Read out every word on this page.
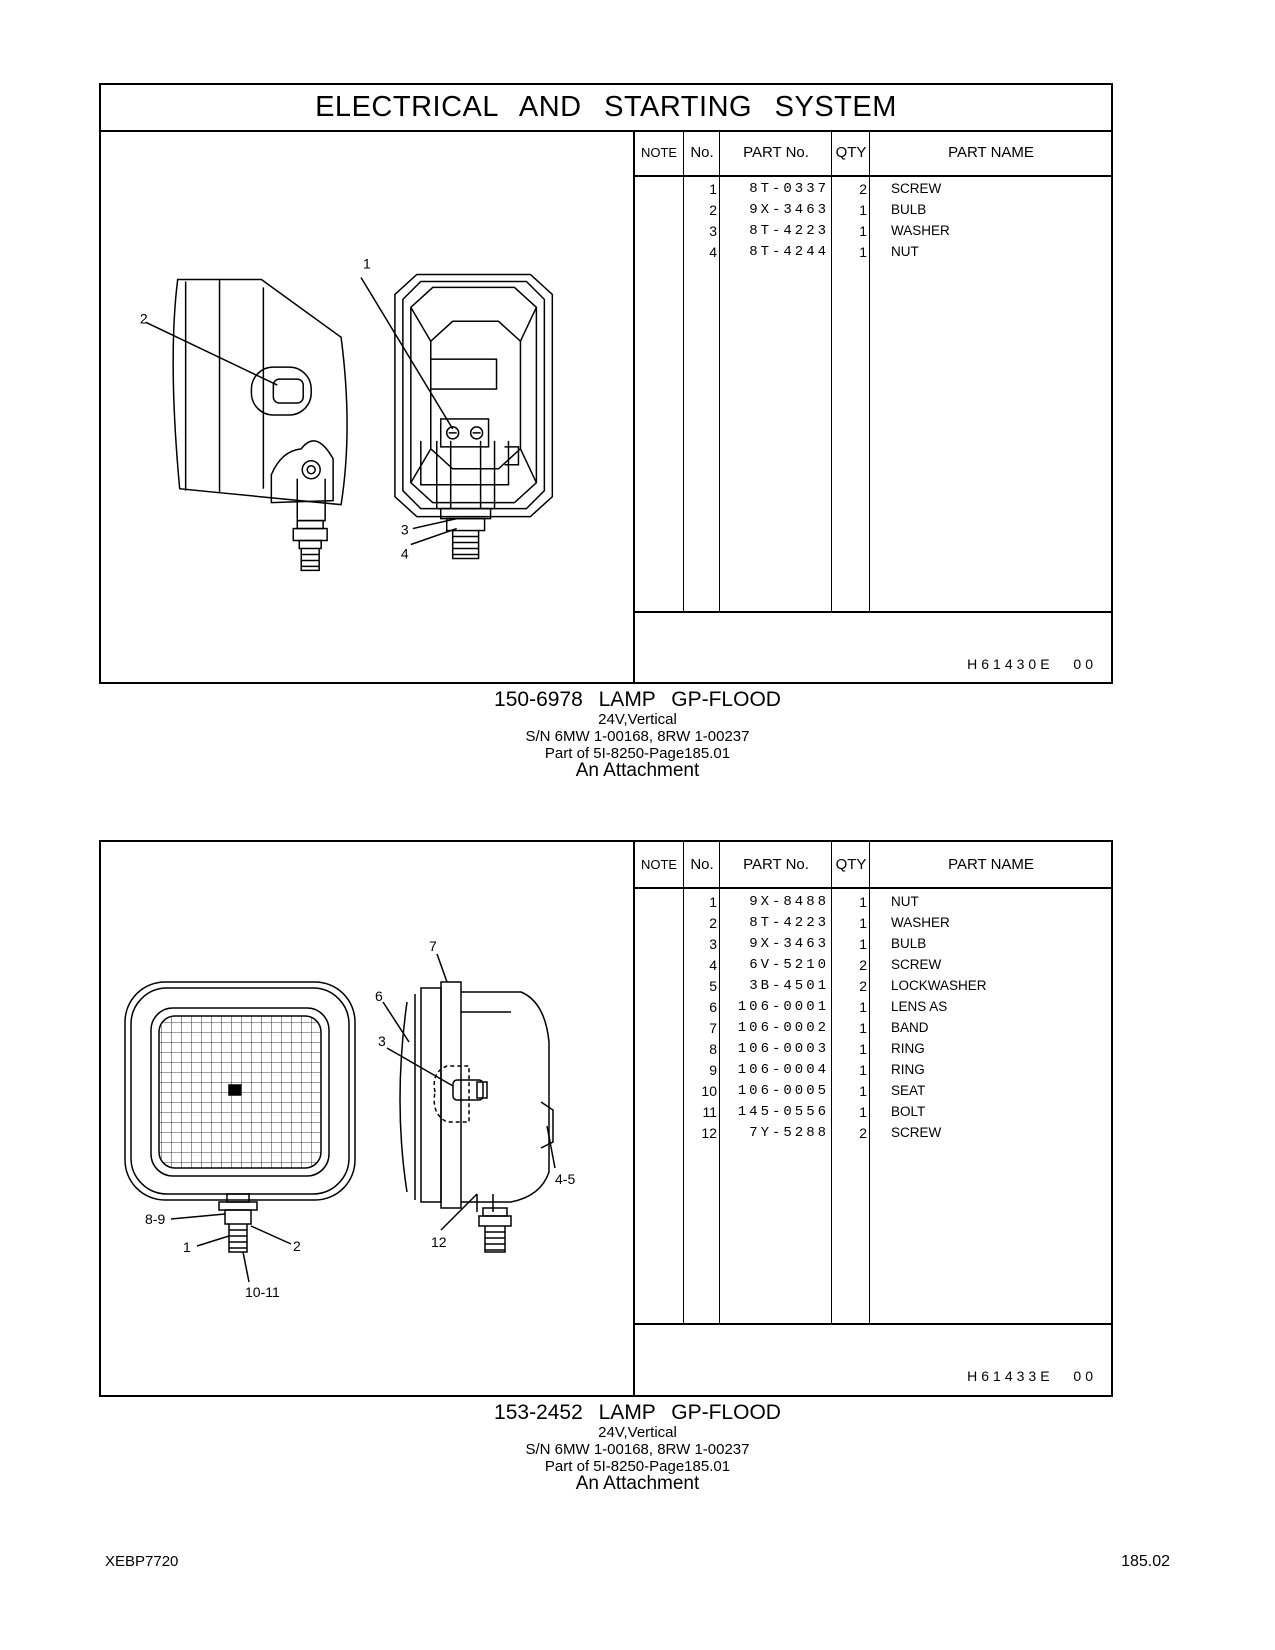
ELECTRICAL AND STARTING SYSTEM
1
2
3
4
NOTE No.	PART No.	QTY	PART NAME
1	8T-0337	2 SCREW
2	9X-3463	1 BULB
3	8T-4223	1 WASHER
4	8T-4244	1 NUT
H61430E 00
150-6978 LAMP GP-FLOOD
24V,Vertical
S/N 6MW 1-00168, 8RW 1-00237
Part of 5I-8250-Page185.01
An Attachment
7
6
3
4-5
8-9
1	2	12
10-11
NOTE No.	PART No.	QTY	PART NAME
1	9X-8488	1 NUT
2	8T-4223	1 WASHER
3	9X-3463	1 BULB
4	6V-5210	2 SCREW
5	3B-4501	2 LOCKWASHER
6	106-0001	1 LENS AS
7	106-0002	1 BAND
8	106-0003	1 RING
9	106-0004	1 RING
10	106-0005	1 SEAT
11	145-0556	1 BOLT
12	7Y-5288	2 SCREW
H61433E 00
153-2452 LAMP GP-FLOOD
24V,Vertical
S/N 6MW 1-00168, 8RW 1-00237
Part of 5I-8250-Page185.01
An Attachment
XEBP7720	185.02
